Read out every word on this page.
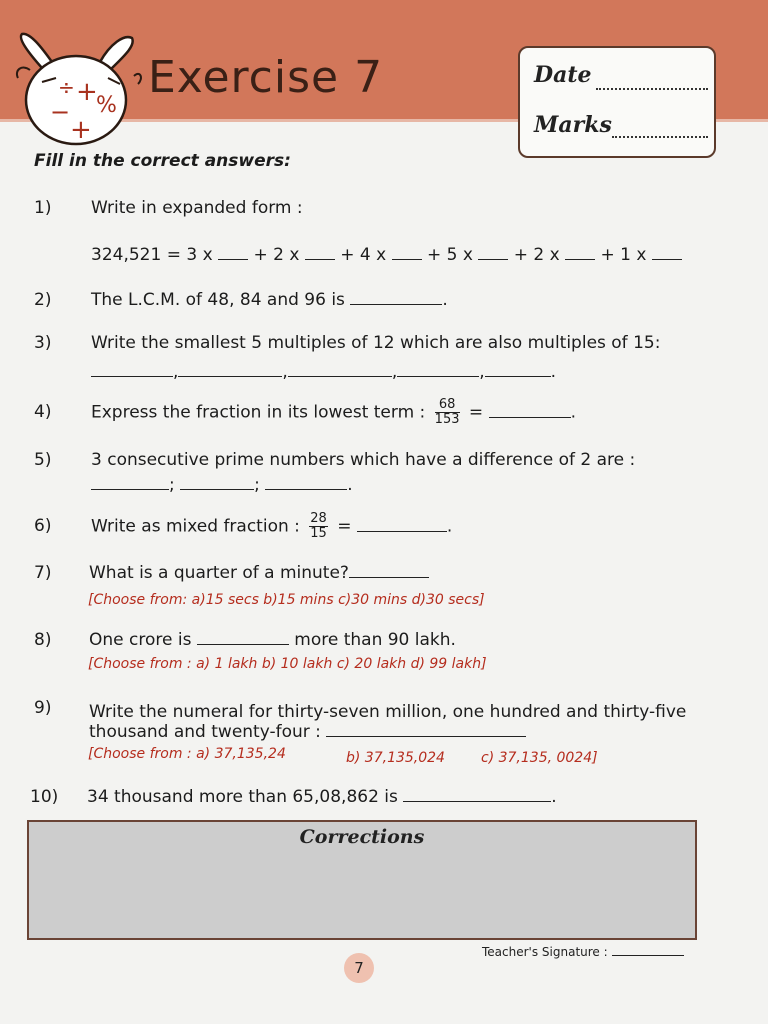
÷ +
%
−
+
Exercise 7	Date
Marks
Fill in the correct answers:
1) Write in expanded form :
324,521 = 3 x + 2 x + 4 x + 5 x + 2 x + 1 x
2) The L.C.M. of 48, 84 and 96 is	.
3) Write the smallest 5 multiples of 12 which are also multiples of 15:
,	,	,	,	.
4) Express the fraction in its lowest term : $\frac{68}{153}$ =	.
5) 3 consecutive prime numbers which have a difference of 2 are :
;	;	.
6) Write as mixed fraction : $\frac{28}{15}$ =	.
7) What is a quarter of a minute?
[Choose from: a)15 secs b)15 mins c)30 mins d)30 secs]
8) One crore is	more than 90 lakh.
[Choose from : a) 1 lakh b) 10 lakh c) 20 lakh d) 99 lakh]
9) Write the numeral for thirty-seven million, one hundred and thirty-five
thousand and twenty-four :
[Choose from : a) 37,135,24	b) 37,135,024	c) 37,135, 0024]
10) 34 thousand more than 65,08,862 is	.
Corrections
Teacher's Signature :
7
